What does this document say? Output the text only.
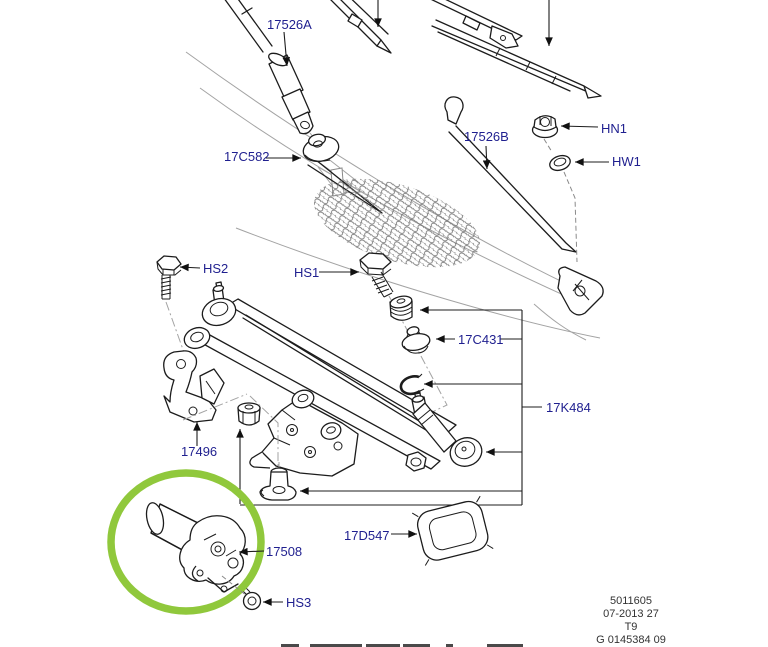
17526A
17C582
17526B
HN1
HW1
HS2	HS1
17C431
17K484
17496
17508
17D547
HS3	5011605
07-2013 27
T9
G 0145384 09
